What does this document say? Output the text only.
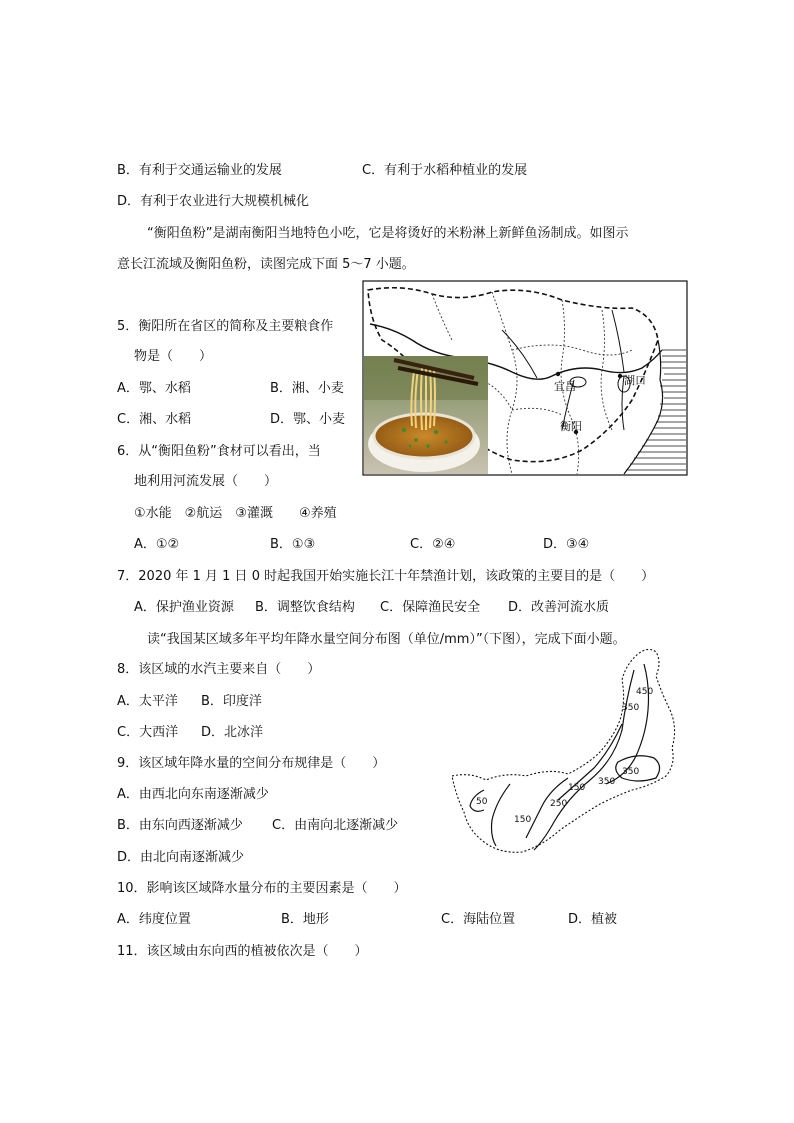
B．有利于交通运输业的发展	C．有利于水稻种植业的发展
D．有利于农业进行大规模机械化
“衡阳鱼粉”是湖南衡阳当地特色小吃，它是将烫好的米粉淋上新鲜鱼汤制成。如图示
意长江流域及衡阳鱼粉，读图完成下面 5～7 小题。
5．衡阳所在省区的简称及主要粮食作
物是（　　）
A．鄂、水稻	B．湘、小麦
C．湘、水稻	D．鄂、小麦
6．从“衡阳鱼粉”食材可以看出，当
地利用河流发展（　　）
①水能　②航运　③灌溉　　④养殖
A．①②	B．①③	C．②④	D．③④
7．2020 年 1 月 1 日 0 时起我国开始实施长江十年禁渔计划，该政策的主要目的是（　　）
A．保护渔业资源 B．调整饮食结构 C．保障渔民安全 D．改善河流水质
读“我国某区域多年平均年降水量空间分布图（单位/mm）”（下图），完成下面小题。
8．该区域的水汽主要来自（　　）
A．太平洋 B．印度洋
C．大西洋 D．北冰洋
9．该区域年降水量的空间分布规律是（　　）
A．由西北向东南逐渐减少
B．由东向西逐渐减少 C．由南向北逐渐减少
D．由北向南逐渐减少
10．影响该区域降水量分布的主要因素是（　　）
A．纬度位置	B．地形	C．海陆位置	D．植被
11．该区域由东向西的植被依次是（　　）
宜昌	湖口
衡阳
450
350
350
350
150
250
150
50
